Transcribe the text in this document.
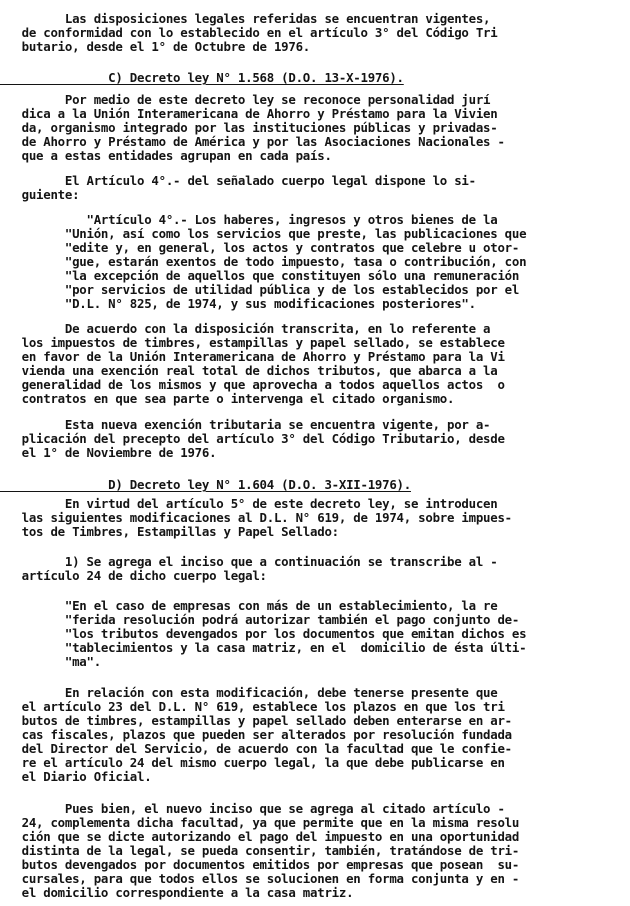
Las disposiciones legales referidas se encuentran vigentes,
de conformidad con lo establecido en el artículo 3° del Código Tri
butario, desde el 1° de Octubre de 1976.
C) Decreto ley N° 1.568 (D.O. 13-X-1976).
Por medio de este decreto ley se reconoce personalidad jurí
dica a la Unión Interamericana de Ahorro y Préstamo para la Vivien
da, organismo integrado por las instituciones públicas y privadas-
de Ahorro y Préstamo de América y por las Asociaciones Nacionales -
que a estas entidades agrupan en cada país.
El Artículo 4°.- del señalado cuerpo legal dispone lo si-
guiente:
"Artículo 4°.- Los haberes, ingresos y otros bienes de la
"Unión, así como los servicios que preste, las publicaciones que
"edite y, en general, los actos y contratos que celebre u otor-
"gue, estarán exentos de todo impuesto, tasa o contribución, con
"la excepción de aquellos que constituyen sólo una remuneración
"por servicios de utilidad pública y de los establecidos por el
"D.L. N° 825, de 1974, y sus modificaciones posteriores".
De acuerdo con la disposición transcrita, en lo referente a
los impuestos de timbres, estampillas y papel sellado, se establece
en favor de la Unión Interamericana de Ahorro y Préstamo para la Vi
vienda una exención real total de dichos tributos, que abarca a la
generalidad de los mismos y que aprovecha a todos aquellos actos  o
contratos en que sea parte o intervenga el citado organismo.
Esta nueva exención tributaria se encuentra vigente, por a-
plicación del precepto del artículo 3° del Código Tributario, desde
el 1° de Noviembre de 1976.
D) Decreto ley N° 1.604 (D.O. 3-XII-1976).
En virtud del artículo 5° de este decreto ley, se introducen
las siguientes modificaciones al D.L. N° 619, de 1974, sobre impues-
tos de Timbres, Estampillas y Papel Sellado:
1) Se agrega el inciso que a continuación se transcribe al -
artículo 24 de dicho cuerpo legal:
"En el caso de empresas con más de un establecimiento, la re
"ferida resolución podrá autorizar también el pago conjunto de-
"los tributos devengados por los documentos que emitan dichos es
"tablecimientos y la casa matriz, en el  domicilio de ésta últi-
"ma".
En relación con esta modificación, debe tenerse presente que
el artículo 23 del D.L. N° 619, establece los plazos en que los tri
butos de timbres, estampillas y papel sellado deben enterarse en ar-
cas fiscales, plazos que pueden ser alterados por resolución fundada
del Director del Servicio, de acuerdo con la facultad que le confie-
re el artículo 24 del mismo cuerpo legal, la que debe publicarse en
el Diario Oficial.
Pues bien, el nuevo inciso que se agrega al citado artículo -
24, complementa dicha facultad, ya que permite que en la misma resolu
ción que se dicte autorizando el pago del impuesto en una oportunidad
distinta de la legal, se pueda consentir, también, tratándose de tri-
butos devengados por documentos emitidos por empresas que posean  su-
cursales, para que todos ellos se solucionen en forma conjunta y en -
el domicilio correspondiente a la casa matriz.
